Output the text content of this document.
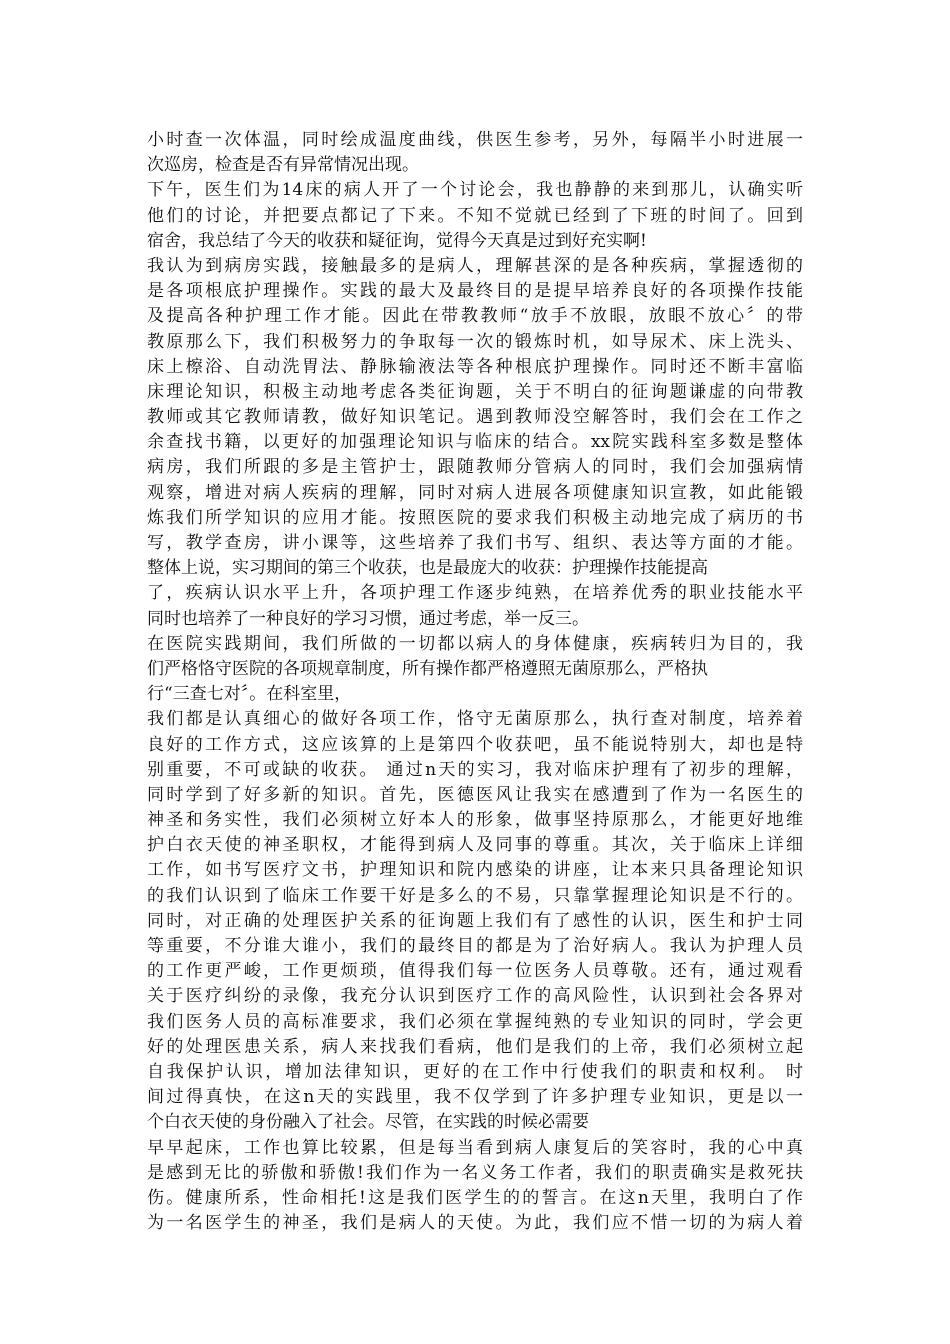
小时查一次体温，同时绘成温度曲线，供医生参考，另外，每隔半小时进展一
次巡房，检查是否有异常情况出现。
下午，医生们为14床的病人开了一个讨论会，我也静静的来到那儿，认确实听
他们的讨论，并把要点都记了下来。不知不觉就已经到了下班的时间了。回到
宿舍，我总结了今天的收获和疑征询，觉得今天真是过到好充实啊!
我认为到病房实践，接触最多的是病人，理解甚深的是各种疾病，掌握透彻的
是各项根底护理操作。实践的最大及最终目的是提早培养良好的各项操作技能
及提高各种护理工作才能。因此在带教教师“放手不放眼，放眼不放心〞的带
教原那么下，我们积极努力的争取每一次的锻炼时机，如导尿术、床上洗头、
床上檫浴、自动洗胃法、静脉输液法等各种根底护理操作。同时还不断丰富临
床理论知识，积极主动地考虑各类征询题，关于不明白的征询题谦虚的向带教
教师或其它教师请教，做好知识笔记。遇到教师没空解答时，我们会在工作之
余查找书籍，以更好的加强理论知识与临床的结合。xx院实践科室多数是整体
病房，我们所跟的多是主管护士，跟随教师分管病人的同时，我们会加强病情
观察，增进对病人疾病的理解，同时对病人进展各项健康知识宣教，如此能锻
炼我们所学知识的应用才能。按照医院的要求我们积极主动地完成了病历的书
写，教学查房，讲小课等，这些培养了我们书写、组织、表达等方面的才能。
整体上说，实习期间的第三个收获，也是最庞大的收获：护理操作技能提高
了，疾病认识水平上升，各项护理工作逐步纯熟，在培养优秀的职业技能水平
同时也培养了一种良好的学习习惯，通过考虑，举一反三。
在医院实践期间，我们所做的一切都以病人的身体健康，疾病转归为目的，我
们严格恪守医院的各项规章制度，所有操作都严格遵照无菌原那么，严格执
行“三查七对〞。在科室里，
我们都是认真细心的做好各项工作，恪守无菌原那么，执行查对制度，培养着
良好的工作方式，这应该算的上是第四个收获吧，虽不能说特别大，却也是特
别重要，不可或缺的收获。 通过n天的实习，我对临床护理有了初步的理解，
同时学到了好多新的知识。首先，医德医风让我实在感遭到了作为一名医生的
神圣和务实性，我们必须树立好本人的形象，做事坚持原那么，才能更好地维
护白衣天使的神圣职权，才能得到病人及同事的尊重。其次，关于临床上详细
工作，如书写医疗文书，护理知识和院内感染的讲座，让本来只具备理论知识
的我们认识到了临床工作要干好是多么的不易，只靠掌握理论知识是不行的。
同时，对正确的处理医护关系的征询题上我们有了感性的认识，医生和护士同
等重要，不分谁大谁小，我们的最终目的都是为了治好病人。我认为护理人员
的工作更严峻，工作更烦琐，值得我们每一位医务人员尊敬。还有，通过观看
关于医疗纠纷的录像，我充分认识到医疗工作的高风险性，认识到社会各界对
我们医务人员的高标准要求，我们必须在掌握纯熟的专业知识的同时，学会更
好的处理医患关系，病人来找我们看病，他们是我们的上帝，我们必须树立起
自我保护认识，增加法律知识，更好的在工作中行使我们的职责和权利。 时
间过得真快，在这n天的实践里，我不仅学到了许多护理专业知识，更是以一
个白衣天使的身份融入了社会。尽管，在实践的时候必需要
早早起床，工作也算比较累，但是每当看到病人康复后的笑容时，我的心中真
是感到无比的骄傲和骄傲!我们作为一名义务工作者，我们的职责确实是救死扶
伤。健康所系，性命相托!这是我们医学生的的誓言。在这n天里，我明白了作
为一名医学生的神圣，我们是病人的天使。为此，我们应不惜一切的为病人着
